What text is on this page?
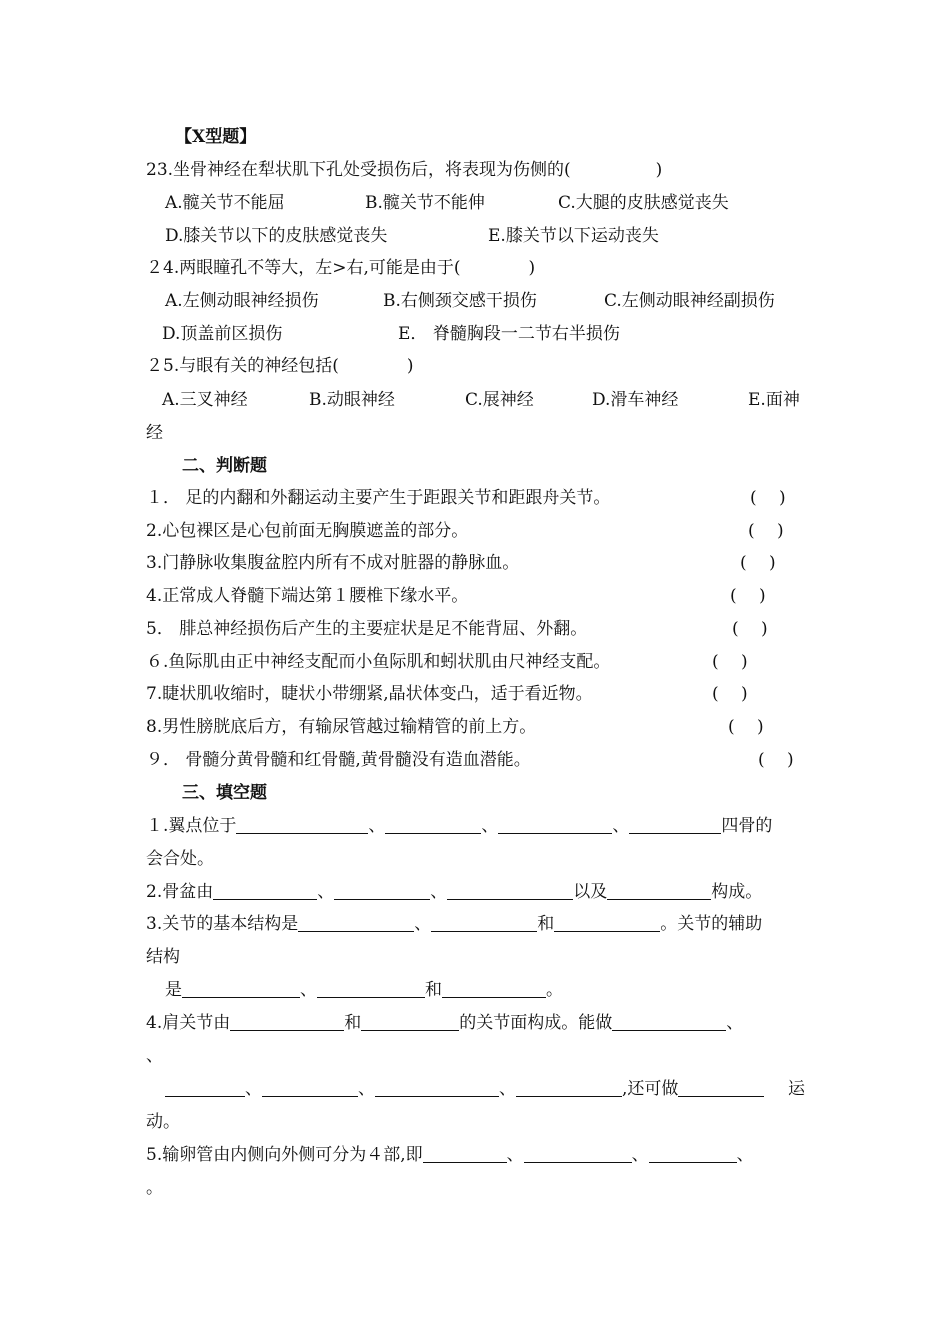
【X型题】
23.坐骨神经在犁状肌下孔处受损伤后，将表现为伤侧的(　　　　　)
A.髋关节不能屈	B.髋关节不能伸	C.大腿的皮肤感觉丧失
D.膝关节以下的皮肤感觉丧失	E.膝关节以下运动丧失
２4.两眼瞳孔不等大，左>右,可能是由于(　　　　)
A.左侧动眼神经损伤	B.右侧颈交感干损伤	C.左侧动眼神经副损伤
D.顶盖前区损伤	E． 脊髓胸段一二节右半损伤
２5.与眼有关的神经包括(　　　　)
A.三叉神经	B.动眼神经	C.展神经	D.滑车神经	E.面神
经
二、判断题
１． 足的内翻和外翻运动主要产生于距跟关节和距跟舟关节。	(　 )
2.心包裸区是心包前面无胸膜遮盖的部分。	(　 )
3.门静脉收集腹盆腔内所有不成对脏器的静脉血。	(　 )
4.正常成人脊髓下端达第１腰椎下缘水平。	(　 )
5． 腓总神经损伤后产生的主要症状是足不能背屈、外翻。	(　 )
６.鱼际肌由正中神经支配而小鱼际肌和蚓状肌由尺神经支配。	(　 )
7.睫状肌收缩时，睫状小带绷紧,晶状体变凸，适于看近物。	(　 )
8.男性膀胱底后方，有输尿管越过输精管的前上方。	(　 )
９． 骨髓分黄骨髓和红骨髓,黄骨髓没有造血潜能。	(　 )
三、填空题
１.翼点位于	、	、	、	四骨的
会合处。
2.骨盆由	、	、	以及	构成。
3.关节的基本结构是	、	和	。关节的辅助
结构
是	、	和	。
4.肩关节由	和	的关节面构成。能做	、
、
、	、	、	,还可做	运
动。
5.输卵管由内侧向外侧可分为４部,即	、	、	、
。
